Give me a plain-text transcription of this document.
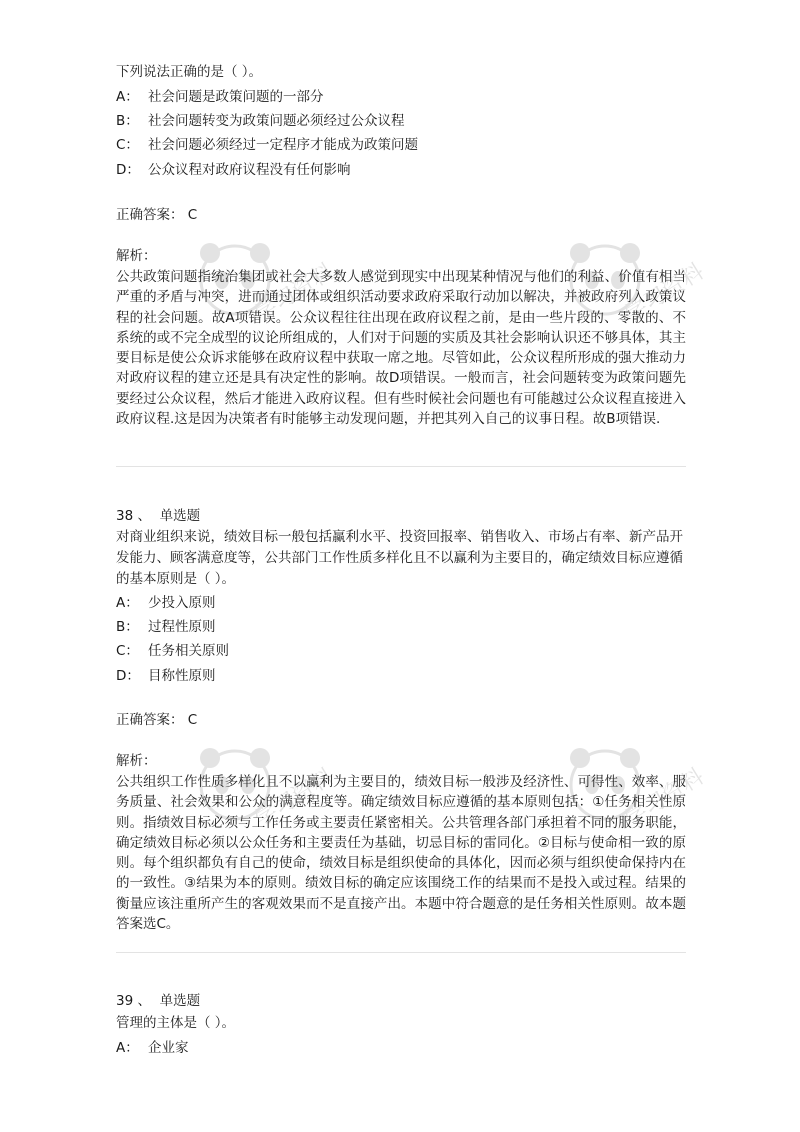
下列说法正确的是（ ）。
A： 社会问题是政策问题的一部分
B： 社会问题转变为政策问题必须经过公众议程
C： 社会问题必须经过一定程序才能成为政策问题
D： 公众议程对政府议程没有任何影响
正确答案： C
解析：
公共政策问题指统治集团或社会大多数人感觉到现实中出现某种情况与他们的利益、价值有相当严重的矛盾与冲突，进而通过团体或组织活动要求政府采取行动加以解决，并被政府列入政策议程的社会问题。故A项错误。公众议程往往出现在政府议程之前，是由一些片段的、零散的、不系统的或不完全成型的议论所组成的，人们对于问题的实质及其社会影响认识还不够具体，其主要目标是使公众诉求能够在政府议程中获取一席之地。尽管如此，公众议程所形成的强大推动力对政府议程的建立还是具有决定性的影响。故D项错误。一般而言，社会问题转变为政策问题先要经过公众议程，然后才能进入政府议程。但有些时候社会问题也有可能越过公众议程直接进入政府议程.这是因为决策者有时能够主动发现问题，并把其列入自己的议事日程。故B项错误.
38 、 单选题
对商业组织来说，绩效目标一般包括赢利水平、投资回报率、销售收入、市场占有率、新产品开发能力、顾客满意度等，公共部门工作性质多样化且不以赢利为主要目的，确定绩效目标应遵循的基本原则是（ ）。
A： 少投入原则
B： 过程性原则
C： 任务相关原则
D： 目称性原则
正确答案： C
解析：
公共组织工作性质多样化且不以赢利为主要目的，绩效目标一般涉及经济性、可得性、效率、服务质量、社会效果和公众的满意程度等。确定绩效目标应遵循的基本原则包括：①任务相关性原则。指绩效目标必须与工作任务或主要责任紧密相关。公共管理各部门承担着不同的服务职能，确定绩效目标必须以公众任务和主要责任为基础，切忌目标的雷同化。②目标与使命相一致的原则。每个组织都负有自己的使命，绩效目标是组织使命的具体化，因而必须与组织使命保持内在的一致性。③结果为本的原则。绩效目标的确定应该围绕工作的结果而不是投入或过程。结果的衡量应该注重所产生的客观效果而不是直接产出。本题中符合题意的是任务相关性原则。故本题答案选C。
39 、 单选题
管理的主体是（ ）。
A： 企业家
学习资料	学习资料
学习资料	学习资料
